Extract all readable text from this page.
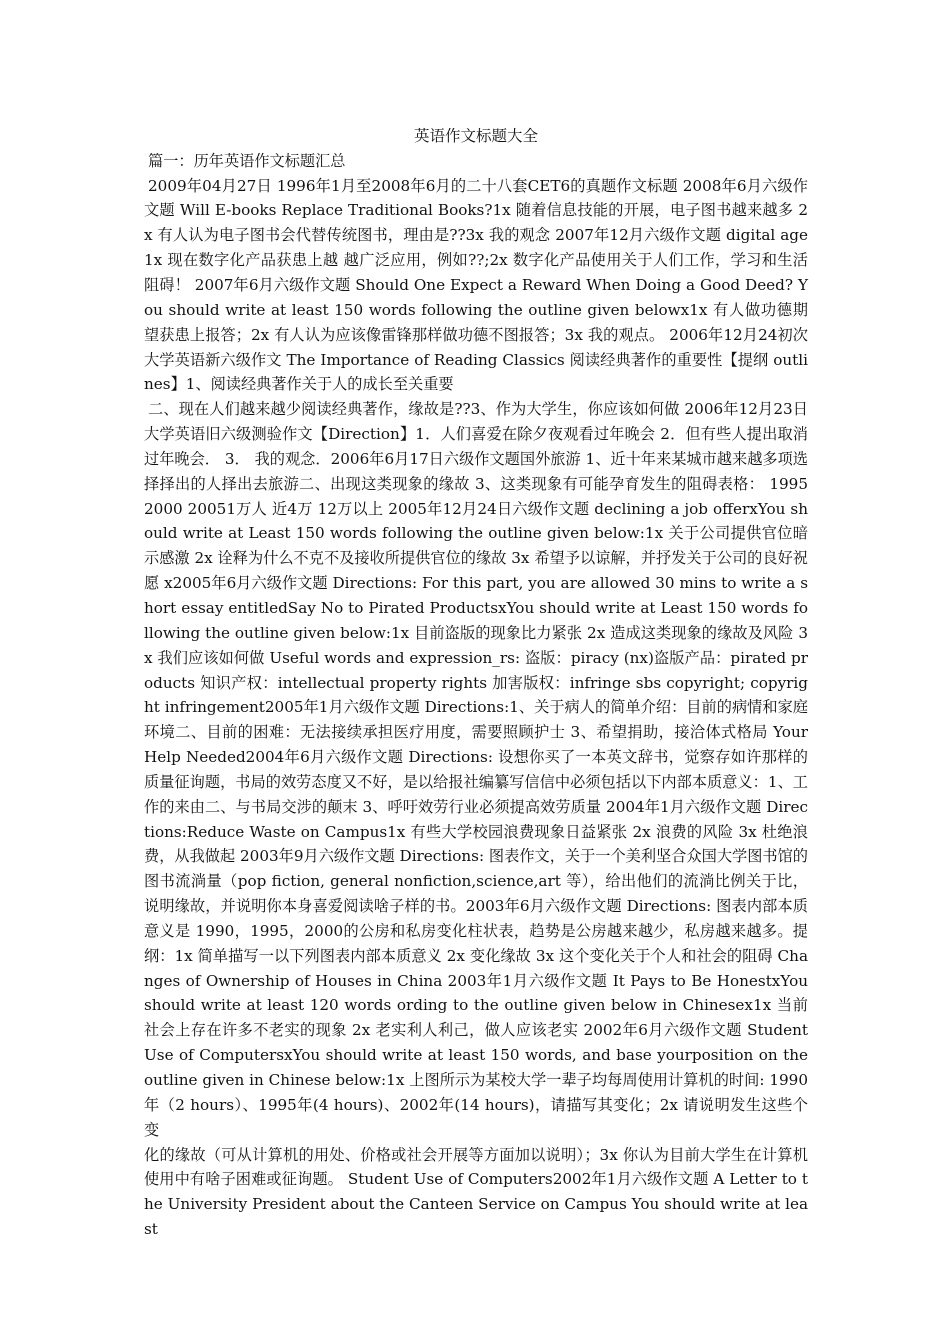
英语作文标题大全

篇一：历年英语作文标题汇总

2009年04月27日 1996年1月至2008年6月的二十八套CET6的真题作文标题 2008年6月六级作文题 Will E-books Replace Traditional Books?1x 随着信息技能的开展，电子图书越来越多 2x 有人认为电子图书会代替传统图书，理由是??3x 我的观念 2007年12月六级作文题 digital age1x 现在数字化产品获患上越 越广泛应用，例如??;2x 数字化产品使用关于人们工作，学习和生活 阻碍！ 2007年6月六级作文题 Should One Expect a Reward When Doing a Good Deed? You should write at least 150 words following the outline given belowx1x 有人做功德期望获患上报答；2x 有人认为应该像雷锋那样做功德不图报答；3x 我的观点。 2006年12月24初次大学英语新六级作文 The Importance of Reading Classics 阅读经典著作的重要性【提纲 outlines】1、阅读经典著作关于人的成长至关重要

二、现在人们越来越少阅读经典著作，缘故是??3、作为大学生，你应该如何做 2006年12月23日大学英语旧六级测验作文【Direction】1．人们喜爱在除夕夜观看过年晚会 2．但有些人提出取消过年晚会． 3． 我的观念．2006年6月17日六级作文题国外旅游 1、近十年来某城市越来越多项选择择出的人择出去旅游二、出现这类现象的缘故 3、这类现象有可能孕育发生的阻碍表格： 1995 2000 20051万人 近4万 12万以上 2005年12月24日六级作文题 declining a job offerxYou should write at Least 150 words following the outline given below:1x 关于公司提供官位暗示感激 2x 诠释为什么不克不及接收所提供官位的缘故 3x 希望予以谅解，并抒发关于公司的良好祝愿 x2005年6月六级作文题 Directions: For this part, you are allowed 30 mins to write a short essay entitledSay No to Pirated ProductsxYou should write at Least 150 words following the outline given below:1x 目前盗版的现象比力紧张 2x 造成这类现象的缘故及风险 3x 我们应该如何做 Useful words and expression_rs: 盗版：piracy (nx)盗版产品：pirated products 知识产权：intellectual property rights 加害版权：infringe sbs copyright; copyright infringement2005年1月六级作文题 Directions:1、关于病人的简单介绍：目前的病情和家庭环境二、目前的困难：无法接续承担医疗用度，需要照顾护士 3、希望捐助，接洽体式格局 Your Help Needed2004年6月六级作文题 Directions: 设想你买了一本英文辞书，觉察存如许那样的质量征询题，书局的效劳态度又不好，是以给报社编纂写信信中必须包括以下内部本质意义：1、工作的来由二、与书局交涉的颠末 3、呼吁效劳行业必须提高效劳质量 2004年1月六级作文题 Directions:Reduce Waste on Campus1x 有些大学校园浪费现象日益紧张 2x 浪费的风险 3x 杜绝浪费，从我做起 2003年9月六级作文题 Directions: 图表作文，关于一个美利坚合众国大学图书馆的图书流淌量（pop fiction, general nonfiction,science,art 等），给出他们的流淌比例关于比，说明缘故，并说明你本身喜爱阅读啥子样的书。2003年6月六级作文题 Directions: 图表内部本质意义是 1990，1995，2000的公房和私房变化柱状表，趋势是公房越来越少，私房越来越多。提纲：1x 简单描写一以下列图表内部本质意义 2x 变化缘故 3x 这个变化关于个人和社会的阻碍 Changes of Ownership of Houses in China 2003年1月六级作文题 It Pays to Be HonestxYou should write at least 120 words ording to the outline given below in Chinesex1x 当前社会上存在许多不老实的现象 2x 老实利人利己，做人应该老实 2002年6月六级作文题 Student Use of ComputersxYou should write at least 150 words, and base yourposition on the outline given in Chinese below:1x 上图所示为某校大学一辈子均每周使用计算机的时间: 1990年（2 hours）、1995年(4 hours)、2002年(14 hours)，请描写其变化；2x 请说明发生这些个变

化的缘故（可从计算机的用处、价格或社会开展等方面加以说明）；3x 你认为目前大学生在计算机使用中有啥子困难或征询题。 Student Use of Computers2002年1月六级作文题 A Letter to the University President about the Canteen Service on Campus You should write at least
